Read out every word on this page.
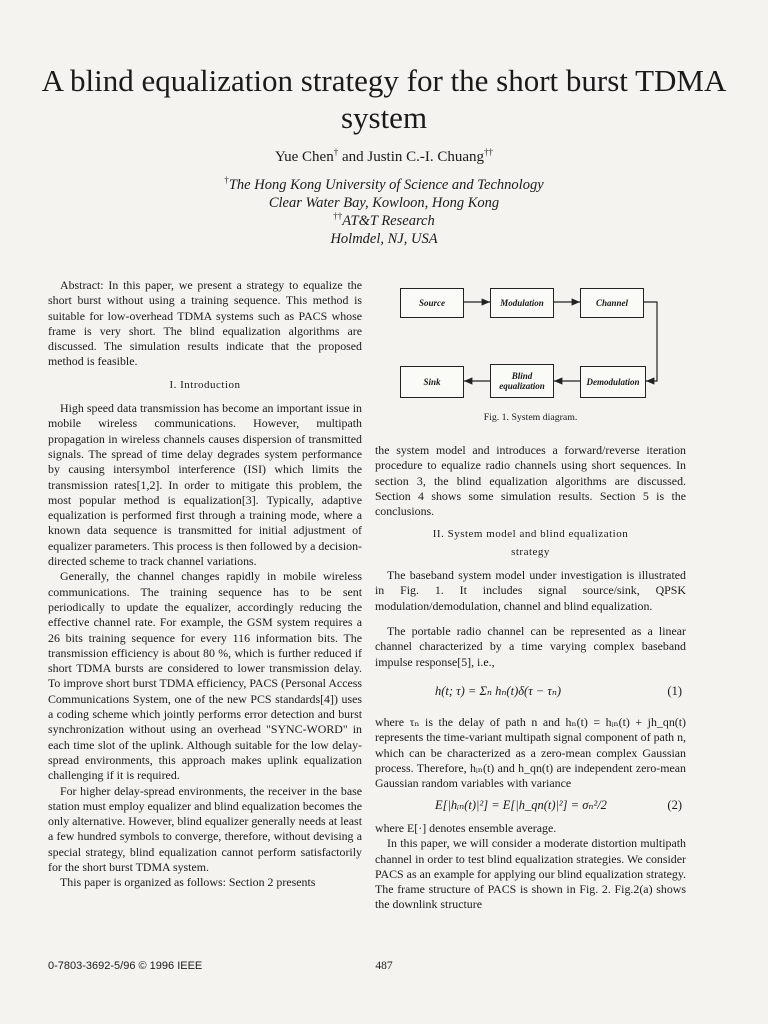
A blind equalization strategy for the short burst TDMA system
Yue Chen† and Justin C.-I. Chuang††
†The Hong Kong University of Science and Technology
Clear Water Bay, Kowloon, Hong Kong
††AT&T Research
Holmdel, NJ, USA

Abstract: In this paper, we present a strategy to equalize the short burst without using a training sequence. This method is suitable for low-overhead TDMA systems such as PACS whose frame is very short. The blind equalization algorithms are discussed. The simulation results indicate that the proposed method is feasible.

I. Introduction

High speed data transmission has become an important issue in mobile wireless communications. However, multipath propagation in wireless channels causes dispersion of transmitted signals. The spread of time delay degrades system performance by causing intersymbol interference (ISI) which limits the transmission rates[1,2]. In order to mitigate this problem, the most popular method is equalization[3]. Typically, adaptive equalization is performed first through a training mode, where a known data sequence is transmitted for initial adjustment of equalizer parameters. This process is then followed by a decision-directed scheme to track channel variations.

Generally, the channel changes rapidly in mobile wireless communications. The training sequence has to be sent periodically to update the equalizer, accordingly reducing the effective channel rate. For example, the GSM system requires a 26 bits training sequence for every 116 information bits. The transmission efficiency is about 80 %, which is further reduced if short TDMA bursts are considered to lower transmission delay. To improve short burst TDMA efficiency, PACS (Personal Access Communications System, one of the new PCS standards[4]) uses a coding scheme which jointly performs error detection and burst synchronization without using an overhead "SYNC-WORD" in each time slot of the uplink. Although suitable for the low delay-spread environments, this approach makes uplink equalization challenging if it is required.

For higher delay-spread environments, the receiver in the base station must employ equalizer and blind equalization becomes the only alternative. However, blind equalizer generally needs at least a few hundred symbols to converge, therefore, without devising a special strategy, blind equalization cannot perform satisfactorily for the short burst TDMA system.

This paper is organized as follows: Section 2 presents

Source	Modulation	Channel
Sink
Blind equalization	Demodulation
Fig. 1. System diagram.

the system model and introduces a forward/reverse iteration procedure to equalize radio channels using short sequences. In section 3, the blind equalization algorithms are discussed. Section 4 shows some simulation results. Section 5 is the conclusions.

II. System model and blind equalization

strategy

The baseband system model under investigation is illustrated in Fig. 1. It includes signal source/sink, QPSK modulation/demodulation, channel and blind equalization.

The portable radio channel can be represented as a linear channel characterized by a time varying complex baseband impulse response[5], i.e.,

h(t; τ) = Σₙ hₙ(t)δ(τ − τₙ)	(1)

where τₙ is the delay of path n and hₙ(t) = hᵢₙ(t) + jh_qn(t) represents the time-variant multipath signal component of path n, which can be characterized as a zero-mean complex Gaussian process. Therefore, hᵢₙ(t) and h_qn(t) are independent zero-mean Gaussian random variables with variance

E[|hᵢₙ(t)|²] = E[|h_qn(t)|²] = σₙ²/2	(2)

where E[·] denotes ensemble average.

In this paper, we will consider a moderate distortion multipath channel in order to test blind equalization strategies. We consider PACS as an example for applying our blind equalization strategy. The frame structure of PACS is shown in Fig. 2. Fig.2(a) shows the downlink structure

0-7803-3692-5/96 © 1996 IEEE	487
